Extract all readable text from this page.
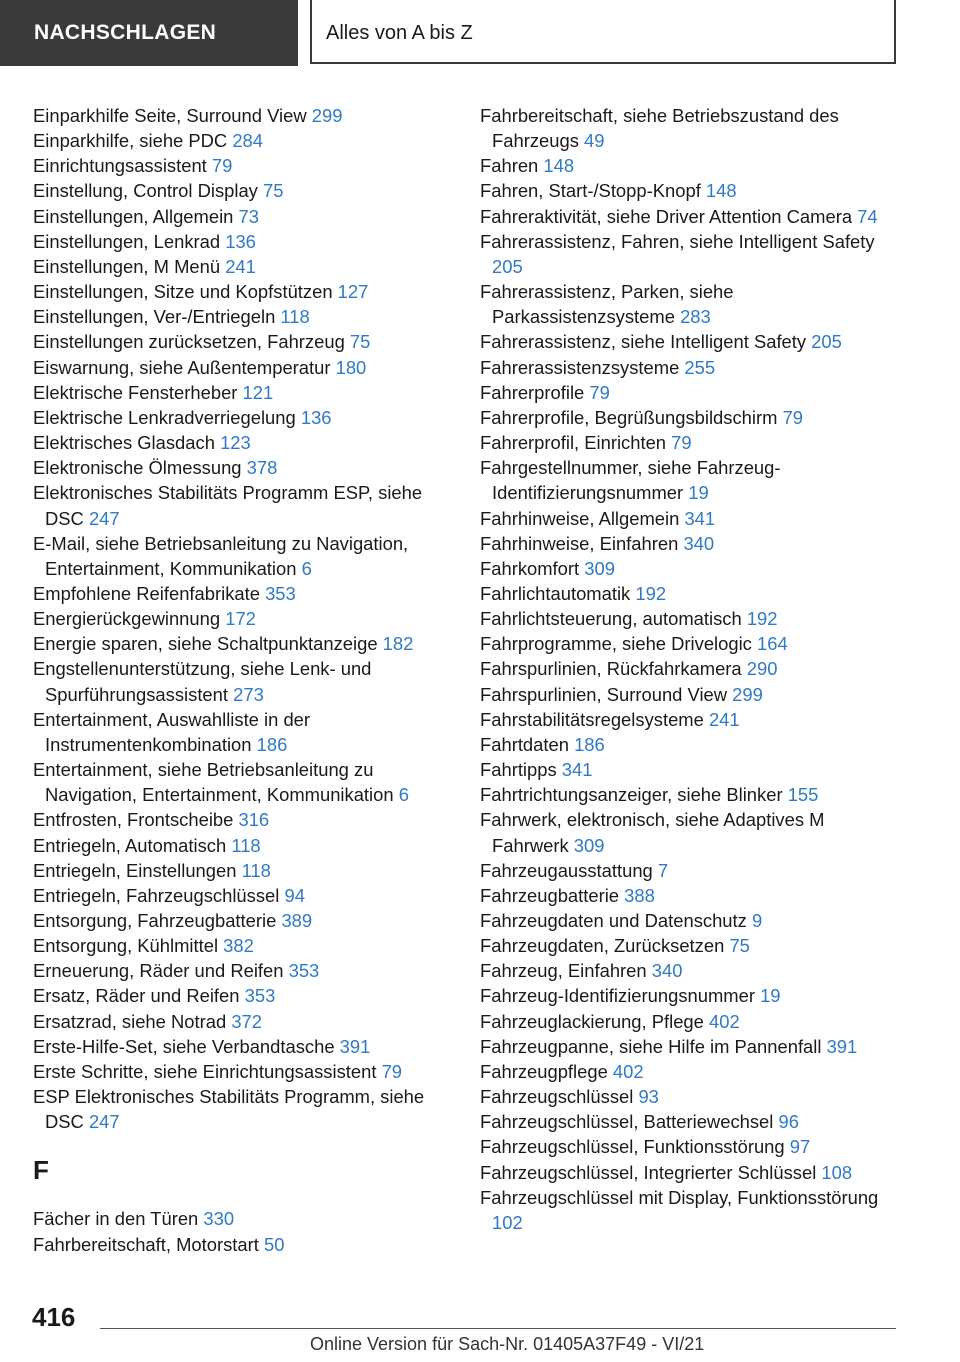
NACHSCHLAGEN	Alles von A bis Z
Einparkhilfe Seite, Surround View 299
Einparkhilfe, siehe PDC 284
Einrichtungsassistent 79
Einstellung, Control Display 75
Einstellungen, Allgemein 73
Einstellungen, Lenkrad 136
Einstellungen, M Menü 241
Einstellungen, Sitze und Kopfstützen 127
Einstellungen, Ver-/Entriegeln 118
Einstellungen zurücksetzen, Fahrzeug 75
Eiswarnung, siehe Außentemperatur 180
Elektrische Fensterheber 121
Elektrische Lenkradverriegelung 136
Elektrisches Glasdach 123
Elektronische Ölmessung 378
Elektronisches Stabilitäts Programm ESP, siehe DSC 247
E-Mail, siehe Betriebsanleitung zu Navigation, Entertainment, Kommunikation 6
Empfohlene Reifenfabrikate 353
Energierückgewinnung 172
Energie sparen, siehe Schaltpunktanzeige 182
Engstellenunterstützung, siehe Lenk- und Spurführungsassistent 273
Entertainment, Auswahlliste in der Instrumentenkombination 186
Entertainment, siehe Betriebsanleitung zu Navigation, Entertainment, Kommunikation 6
Entfrosten, Frontscheibe 316
Entriegeln, Automatisch 118
Entriegeln, Einstellungen 118
Entriegeln, Fahrzeugschlüssel 94
Entsorgung, Fahrzeugbatterie 389
Entsorgung, Kühlmittel 382
Erneuerung, Räder und Reifen 353
Ersatz, Räder und Reifen 353
Ersatzrad, siehe Notrad 372
Erste-Hilfe-Set, siehe Verbandtasche 391
Erste Schritte, siehe Einrichtungsassistent 79
ESP Elektronisches Stabilitäts Programm, siehe DSC 247
F
Fächer in den Türen 330
Fahrbereitschaft, Motorstart 50
Fahrbereitschaft, siehe Betriebszustand des Fahrzeugs 49
Fahren 148
Fahren, Start-/Stopp-Knopf 148
Fahreraktivität, siehe Driver Attention Camera 74
Fahrerassistenz, Fahren, siehe Intelligent Safety 205
Fahrerassistenz, Parken, siehe Parkassistenzsysteme 283
Fahrerassistenz, siehe Intelligent Safety 205
Fahrerassistenzsysteme 255
Fahrerprofile 79
Fahrerprofile, Begrüßungsbildschirm 79
Fahrerprofil, Einrichten 79
Fahrgestellnummer, siehe Fahrzeug-Identifizierungsnummer 19
Fahrhinweise, Allgemein 341
Fahrhinweise, Einfahren 340
Fahrkomfort 309
Fahrlichtautomatik 192
Fahrlichtsteuerung, automatisch 192
Fahrprogramme, siehe Drivelogic 164
Fahrspurlinien, Rückfahrkamera 290
Fahrspurlinien, Surround View 299
Fahrstabilitätsregelsysteme 241
Fahrtdaten 186
Fahrtipps 341
Fahrtrichtungsanzeiger, siehe Blinker 155
Fahrwerk, elektronisch, siehe Adaptives M Fahrwerk 309
Fahrzeugausstattung 7
Fahrzeugbatterie 388
Fahrzeugdaten und Datenschutz 9
Fahrzeugdaten, Zurücksetzen 75
Fahrzeug, Einfahren 340
Fahrzeug-Identifizierungsnummer 19
Fahrzeuglackierung, Pflege 402
Fahrzeugpanne, siehe Hilfe im Pannenfall 391
Fahrzeugpflege 402
Fahrzeugschlüssel 93
Fahrzeugschlüssel, Batteriewechsel 96
Fahrzeugschlüssel, Funktionsstörung 97
Fahrzeugschlüssel, Integrierter Schlüssel 108
Fahrzeugschlüssel mit Display, Funktionsstörung 102
416
Online Version für Sach-Nr. 01405A37F49 - VI/21
